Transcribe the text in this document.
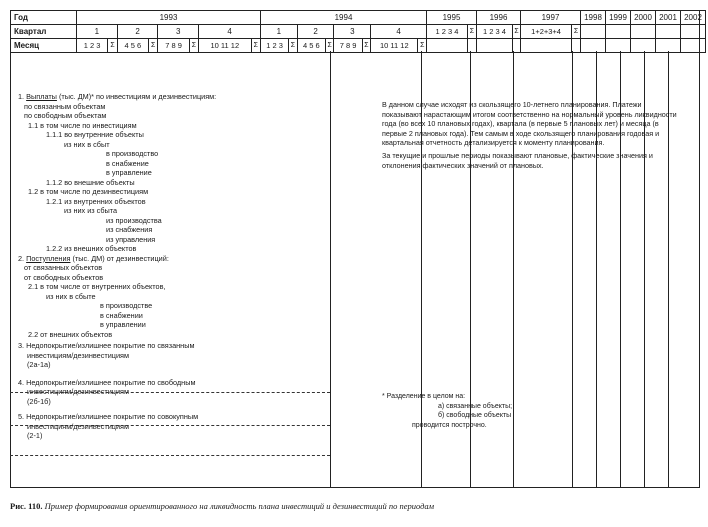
Год	1993								1994								1995		1996		1997		1998	1999	2000	2001	2002
Квартал	1		2		3		4		1		2		3		4		1 2 3 4	Σ	1 2 3 4	Σ	1+2+3+4	Σ					
Месяц	1 2 3	Σ	4 5 6	Σ	7 8 9	Σ	10 11 12	Σ	1 2 3	Σ	4 5 6	Σ	7 8 9	Σ	10 11 12	Σ											
1. Выплаты (тыс. ДМ)* по инвестициям и дезинвестициям:
по связанным объектам
по свободным объектам
1.1 в том числе по инвестициям
1.1.1 во внутренние объекты
из них в сбыт
в производство
в снабжение
в управление
1.1.2 во внешние объекты
1.2 в том числе по дезинвестициям
1.2.1 из внутренних объектов
из них из сбыта
из производства
из снабжения
из управления
1.2.2 из внешних объектов
2. Поступления (тыс. ДМ) от дезинвестиций:
от связанных объектов
от свободных объектов
2.1 в том числе от внутренних объектов,
из них в сбыте
в производстве
в снабжении
в управлении
2.2 от внешних объектов
3. Недопокрытие/излишнее покрытие по связанным
инвестициям/дезинвестициям
(2а-1а)
4. Недопокрытие/излишнее покрытие по свободным
инвестициям/дезинвестициям
(2б-1б)
5. Недопокрытие/излишнее покрытие по совокупным
инвестициям/дезинвестициям
(2-1)

В данном случае исходят из скользящего 10-летнего планирования. Платежи показывают нарастающим итогом соответственно на нормальный уровень ликвидности года (во всех 10 плановых годах), квартала (в первые 5 плановых лет) и месяца (в первые 2 плановых года). Тем самым в ходе скользящего планирования годовая и квартальная отчетность детализируется к моменту планирования.

За текущие и прошлые периоды показывают плановые, фактические значения и отклонения фактических значений от плановых.

* Разделение в целом на:
а) связанные объекты;
б) свободные объекты
проводится построчно.
Рис. 110. Пример формирования ориентированного на ликвидность плана инвестиций и дезинвестиций по периодам
